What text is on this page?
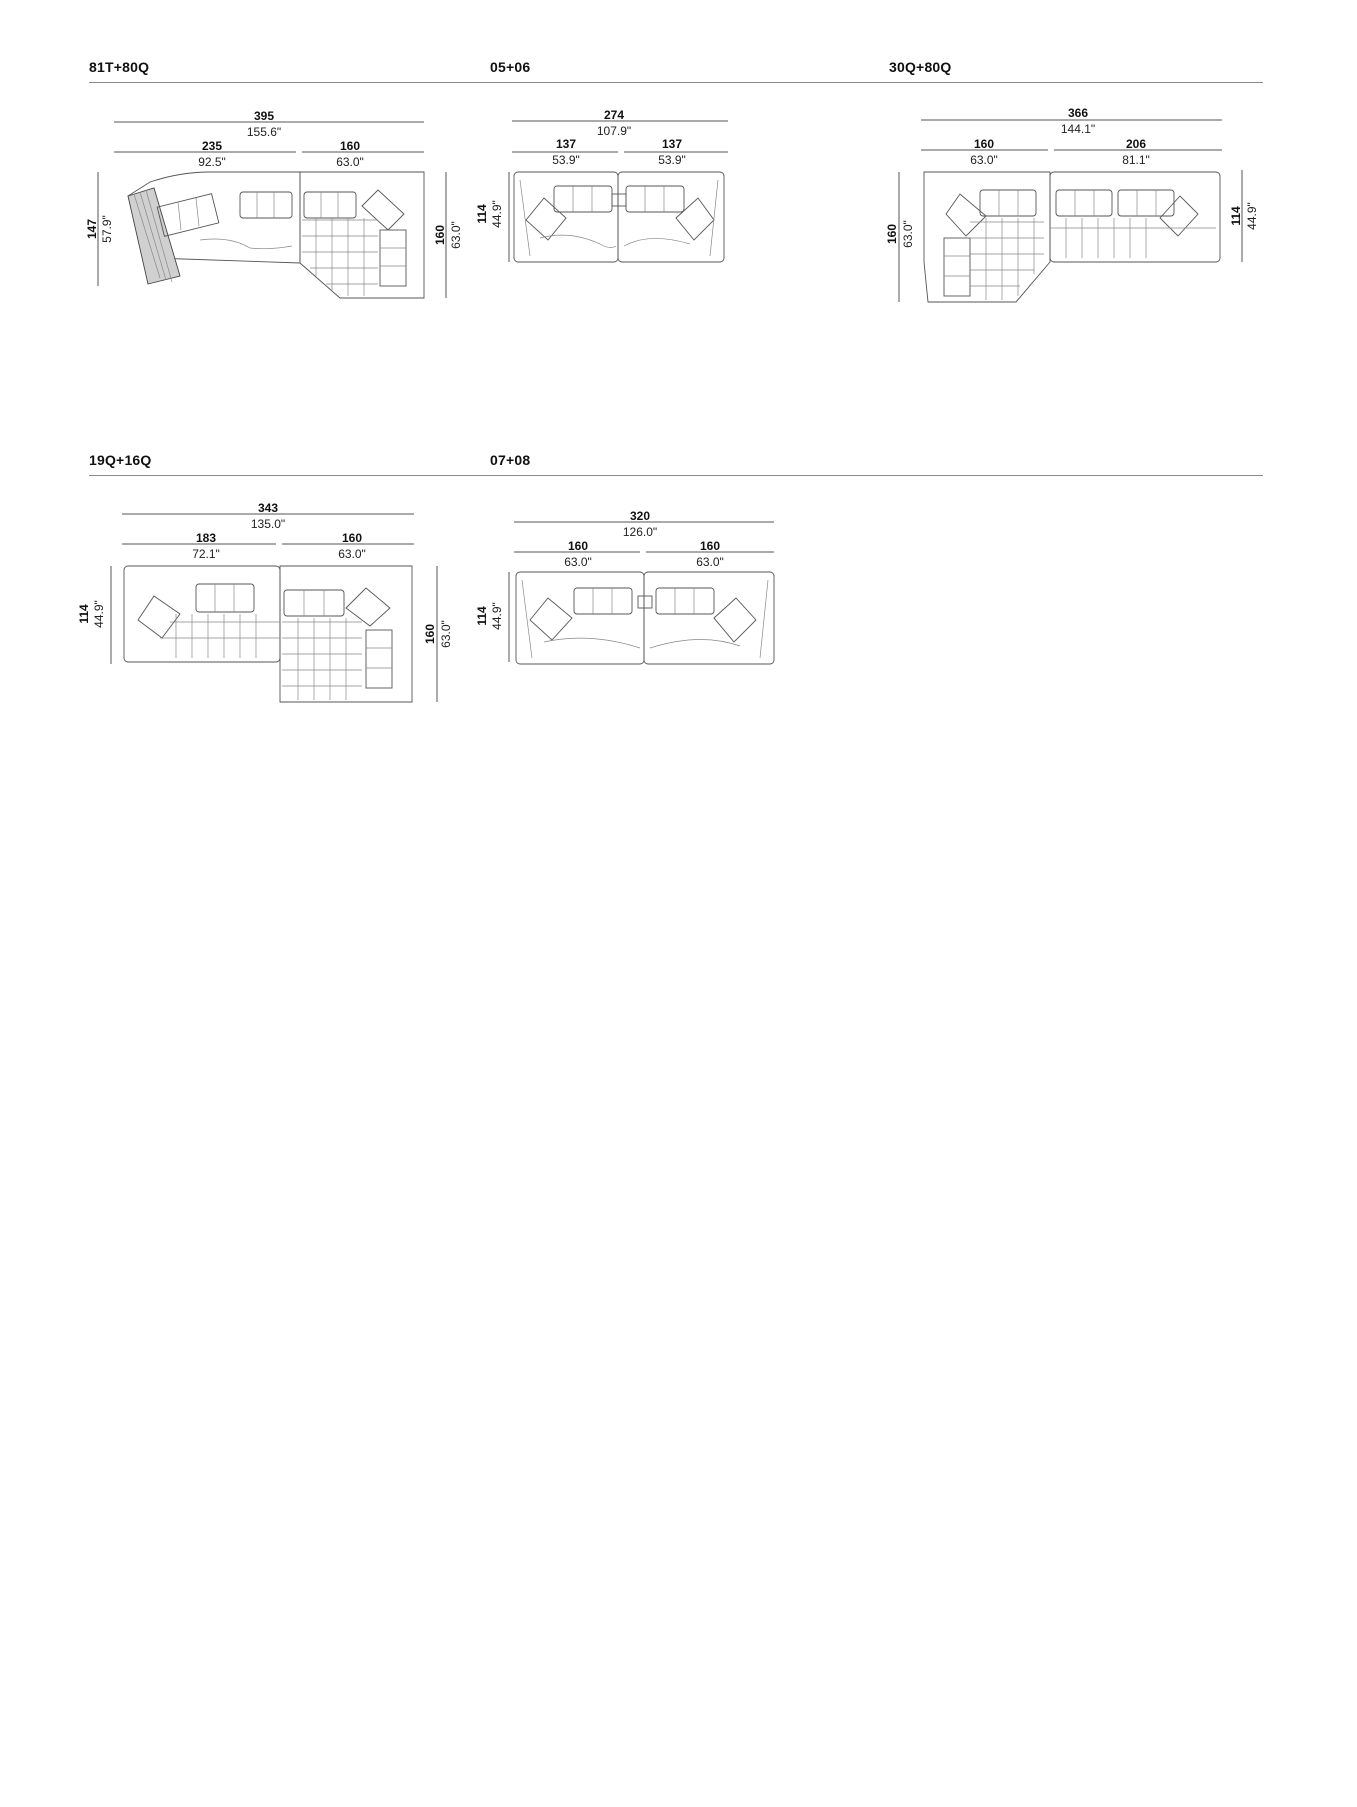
81T+80Q	05+06	30Q+80Q
19Q+16Q	07+08
395
155.6"
235
92.5"
160
63.0"
147 57.9"	160 63.0"
274
107.9"
137
53.9"
137
53.9"
114 44.9"
366
144.1"
160
63.0"
206
81.1"
160 63.0"
114 44.9"
343
135.0"
183
72.1"
160
63.0"
114 44.9"
160 63.0"
320
126.0"
160
63.0"
160
63.0"
114 44.9"
